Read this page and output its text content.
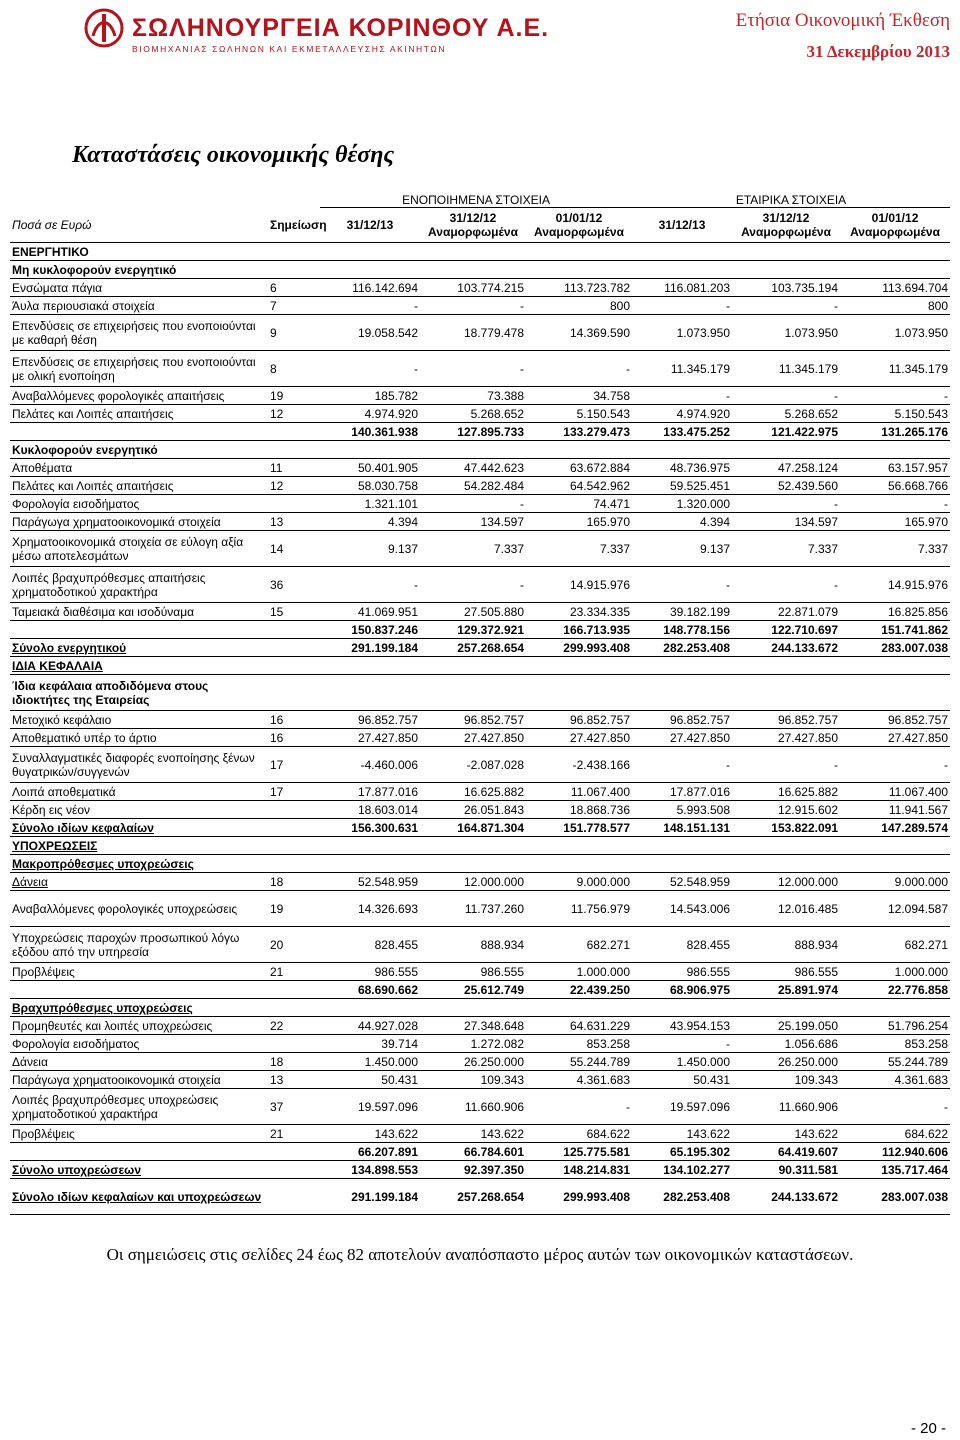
ΣΩΛΗΝΟΥΡΓΕΙΑ ΚΟΡΙΝΘΟΥ Α.Ε.
ΒΙΟΜΗΧΑΝΙΑΣ ΣΩΛΗΝΩΝ ΚΑΙ ΕΚΜΕΤΑΛΛΕΥΣΗΣ ΑΚΙΝΗΤΩΝ
Ετήσια Οικονομική Έκθεση
31 Δεκεμβρίου 2013
Καταστάσεις οικονομικής θέσης
		ΕΝΟΠΟΙΗΜΕΝΑ ΣΤΟΙΧΕΙΑ			ΕΤΑΙΡΙΚΑ ΣΤΟΙΧΕΙΑ		
Ποσά σε Ευρώ	Σημείωση	31/12/13	31/12/12 Αναμορφωμένα	01/01/12 Αναμορφωμένα	31/12/13	31/12/12 Αναμορφωμένα	01/01/12 Αναμορφωμένα
ΕΝΕΡΓΗΤΙΚΟ							
Μη κυκλοφορούν ενεργητικό							
Ενσώματα πάγια	6	116.142.694	103.774.215	113.723.782	116.081.203	103.735.194	113.694.704
Άυλα περιουσιακά στοιχεία	7	-	-	800	-	-	800
Επενδύσεις σε επιχειρήσεις που ενοποιούνται με καθαρή θέση	9	19.058.542	18.779.478	14.369.590	1.073.950	1.073.950	1.073.950
Επενδύσεις σε επιχειρήσεις που ενοποιούνται με ολική ενοποίηση	8	-	-	-	11.345.179	11.345.179	11.345.179
Αναβαλλόμενες φορολογικές απαιτήσεις	19	185.782	73.388	34.758	-	-	-
Πελάτες και Λοιπές απαιτήσεις	12	4.974.920	5.268.652	5.150.543	4.974.920	5.268.652	5.150.543
		140.361.938	127.895.733	133.279.473	133.475.252	121.422.975	131.265.176
Κυκλοφορούν ενεργητικό							
Αποθέματα	11	50.401.905	47.442.623	63.672.884	48.736.975	47.258.124	63.157.957
Πελάτες και Λοιπές απαιτήσεις	12	58.030.758	54.282.484	64.542.962	59.525.451	52.439.560	56.668.766
Φορολογία εισοδήματος		1.321.101	-	74.471	1.320.000	-	-
Παράγωγα χρηματοοικονομικά στοιχεία	13	4.394	134.597	165.970	4.394	134.597	165.970
Χρηματοοικονομικά στοιχεία σε εύλογη αξία μέσω αποτελεσμάτων	14	9.137	7.337	7.337	9.137	7.337	7.337
Λοιπές βραχυπρόθεσμες απαιτήσεις χρηματοδοτικού χαρακτήρα	36	-	-	14.915.976	-	-	14.915.976
Ταμειακά διαθέσιμα και ισοδύναμα	15	41.069.951	27.505.880	23.334.335	39.182.199	22.871.079	16.825.856
		150.837.246	129.372.921	166.713.935	148.778.156	122.710.697	151.741.862
Σύνολο ενεργητικού		291.199.184	257.268.654	299.993.408	282.253.408	244.133.672	283.007.038
ΙΔΙΑ ΚΕΦΑΛΑΙΑ							
Ίδια κεφάλαια αποδιδόμενα στους ιδιοκτήτες της Εταιρείας							
Μετοχικό κεφάλαιο	16	96.852.757	96.852.757	96.852.757	96.852.757	96.852.757	96.852.757
Αποθεματικό υπέρ το άρτιο	16	27.427.850	27.427.850	27.427.850	27.427.850	27.427.850	27.427.850
Συναλλαγματικές διαφορές ενοποίησης ξένων θυγατρικών/συγγενών	17	-4.460.006	-2.087.028	-2.438.166	-	-	-
Λοιπά αποθεματικά	17	17.877.016	16.625.882	11.067.400	17.877.016	16.625.882	11.067.400
Κέρδη εις νέον		18.603.014	26.051.843	18.868.736	5.993.508	12.915.602	11.941.567
Σύνολο ιδίων κεφαλαίων		156.300.631	164.871.304	151.778.577	148.151.131	153.822.091	147.289.574
ΥΠΟΧΡΕΩΣΕΙΣ							
Μακροπρόθεσμες υποχρεώσεις							
Δάνεια	18	52.548.959	12.000.000	9.000.000	52.548.959	12.000.000	9.000.000
Αναβαλλόμενες φορολογικές υποχρεώσεις	19	14.326.693	11.737.260	11.756.979	14.543.006	12.016.485	12.094.587
Υποχρεώσεις παροχών προσωπικού λόγω εξόδου από την υπηρεσία	20	828.455	888.934	682.271	828.455	888.934	682.271
Προβλέψεις	21	986.555	986.555	1.000.000	986.555	986.555	1.000.000
		68.690.662	25.612.749	22.439.250	68.906.975	25.891.974	22.776.858
Βραχυπρόθεσμες υποχρεώσεις							
Προμηθευτές και λοιπές υποχρεώσεις	22	44.927.028	27.348.648	64.631.229	43.954.153	25.199.050	51.796.254
Φορολογία εισοδήματος		39.714	1.272.082	853.258	-	1.056.686	853.258
Δάνεια	18	1.450.000	26.250.000	55.244.789	1.450.000	26.250.000	55.244.789
Παράγωγα χρηματοοικονομικά στοιχεία	13	50.431	109.343	4.361.683	50.431	109.343	4.361.683
Λοιπές βραχυπρόθεσμες υποχρεώσεις χρηματοδοτικού χαρακτήρα	37	19.597.096	11.660.906	-	19.597.096	11.660.906	-
Προβλέψεις	21	143.622	143.622	684.622	143.622	143.622	684.622
		66.207.891	66.784.601	125.775.581	65.195.302	64.419.607	112.940.606
Σύνολο υποχρεώσεων		134.898.553	92.397.350	148.214.831	134.102.277	90.311.581	135.717.464
Σύνολο ιδίων κεφαλαίων και υποχρεώσεων		291.199.184	257.268.654	299.993.408	282.253.408	244.133.672	283.007.038
Οι σημειώσεις στις σελίδες 24 έως 82 αποτελούν αναπόσπαστο μέρος αυτών των οικονομικών καταστάσεων.
- 20 -
